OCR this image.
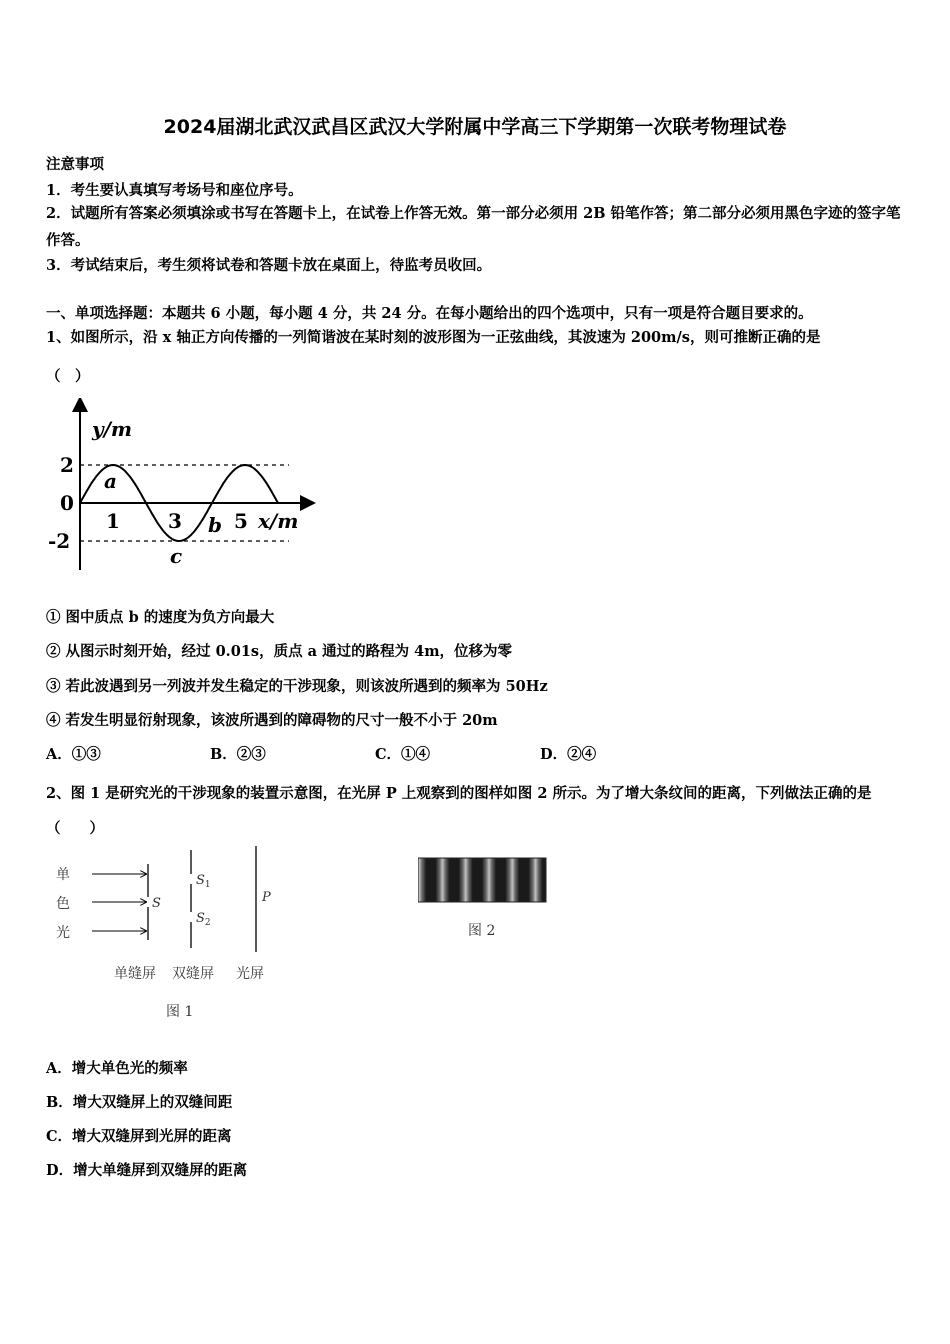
2024届湖北武汉武昌区武汉大学附属中学高三下学期第一次联考物理试卷
注意事项
1．考生要认真填写考场号和座位序号。
2．试题所有答案必须填涂或书写在答题卡上，在试卷上作答无效。第一部分必须用 2B 铅笔作答；第二部分必须用黑色字迹的签字笔作答。
3．考试结束后，考生须将试卷和答题卡放在桌面上，待监考员收回。
一、单项选择题：本题共 6 小题，每小题 4 分，共 24 分。在每小题给出的四个选项中，只有一项是符合题目要求的。
1、如图所示，沿 x 轴正方向传播的一列简谐波在某时刻的波形图为一正弦曲线，其波速为 200m/s，则可推断正确的是
（　）
y/m
2
0
-2
1 3	5 x/m
a
b
c
① 图中质点 b 的速度为负方向最大
② 从图示时刻开始，经过 0.01s，质点 a 通过的路程为 4m，位移为零
③ 若此波遇到另一列波并发生稳定的干涉现象，则该波所遇到的频率为 50Hz
④ 若发生明显衍射现象，该波所遇到的障碍物的尺寸一般不小于 20m
A．①③	B．②③	C．①④	D．②④
2、图 1 是研究光的干涉现象的装置示意图，在光屏 P 上观察到的图样如图 2 所示。为了增大条纹间的距离，下列做法正确的是（　　）
单
色
光
S
$S_1$
$S_2$
P
单缝屏 双缝屏 光屏
图 1
图 2
A．增大单色光的频率
B．增大双缝屏上的双缝间距
C．增大双缝屏到光屏的距离
D．增大单缝屏到双缝屏的距离
